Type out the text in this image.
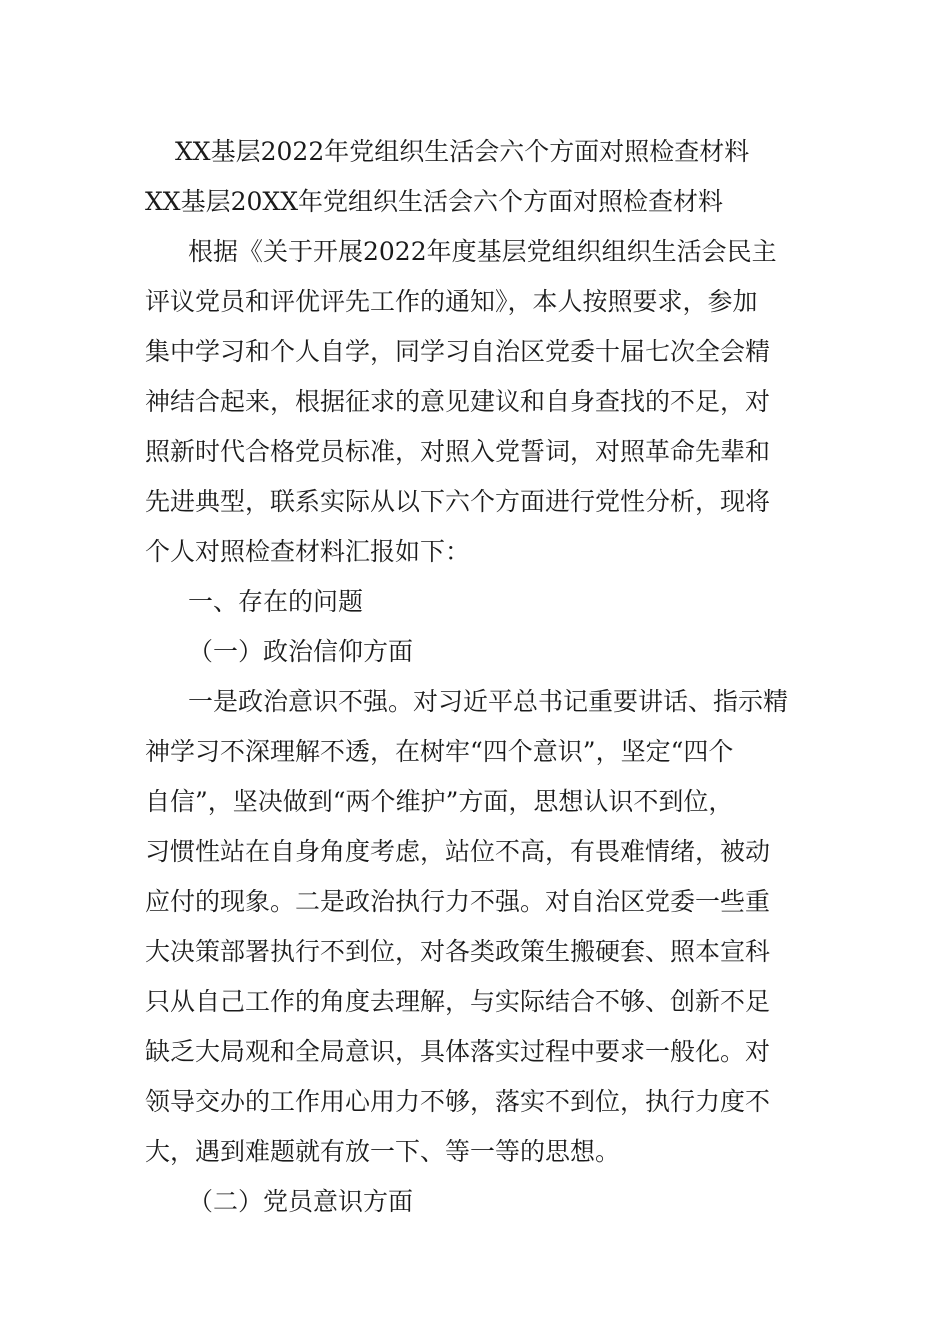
XX基层2022年党组织生活会六个方面对照检查材料
XX基层20XX年党组织生活会六个方面对照检查材料
根据《关于开展2022年度基层党组织组织生活会民主
评议党员和评优评先工作的通知》，本人按照要求，参加
集中学习和个人自学，同学习自治区党委十届七次全会精
神结合起来，根据征求的意见建议和自身查找的不足，对
照新时代合格党员标准，对照入党誓词，对照革命先辈和
先进典型，联系实际从以下六个方面进行党性分析，现将
个人对照检查材料汇报如下：
一、存在的问题
（一）政治信仰方面
一是政治意识不强。对习近平总书记重要讲话、指示精
神学习不深理解不透，在树牢“四个意识”，坚定“四个
自信”，坚决做到“两个维护”方面，思想认识不到位，
习惯性站在自身角度考虑，站位不高，有畏难情绪，被动
应付的现象。二是政治执行力不强。对自治区党委一些重
大决策部署执行不到位，对各类政策生搬硬套、照本宣科
只从自己工作的角度去理解，与实际结合不够、创新不足
缺乏大局观和全局意识，具体落实过程中要求一般化。对
领导交办的工作用心用力不够，落实不到位，执行力度不
大，遇到难题就有放一下、等一等的思想。
（二）党员意识方面
